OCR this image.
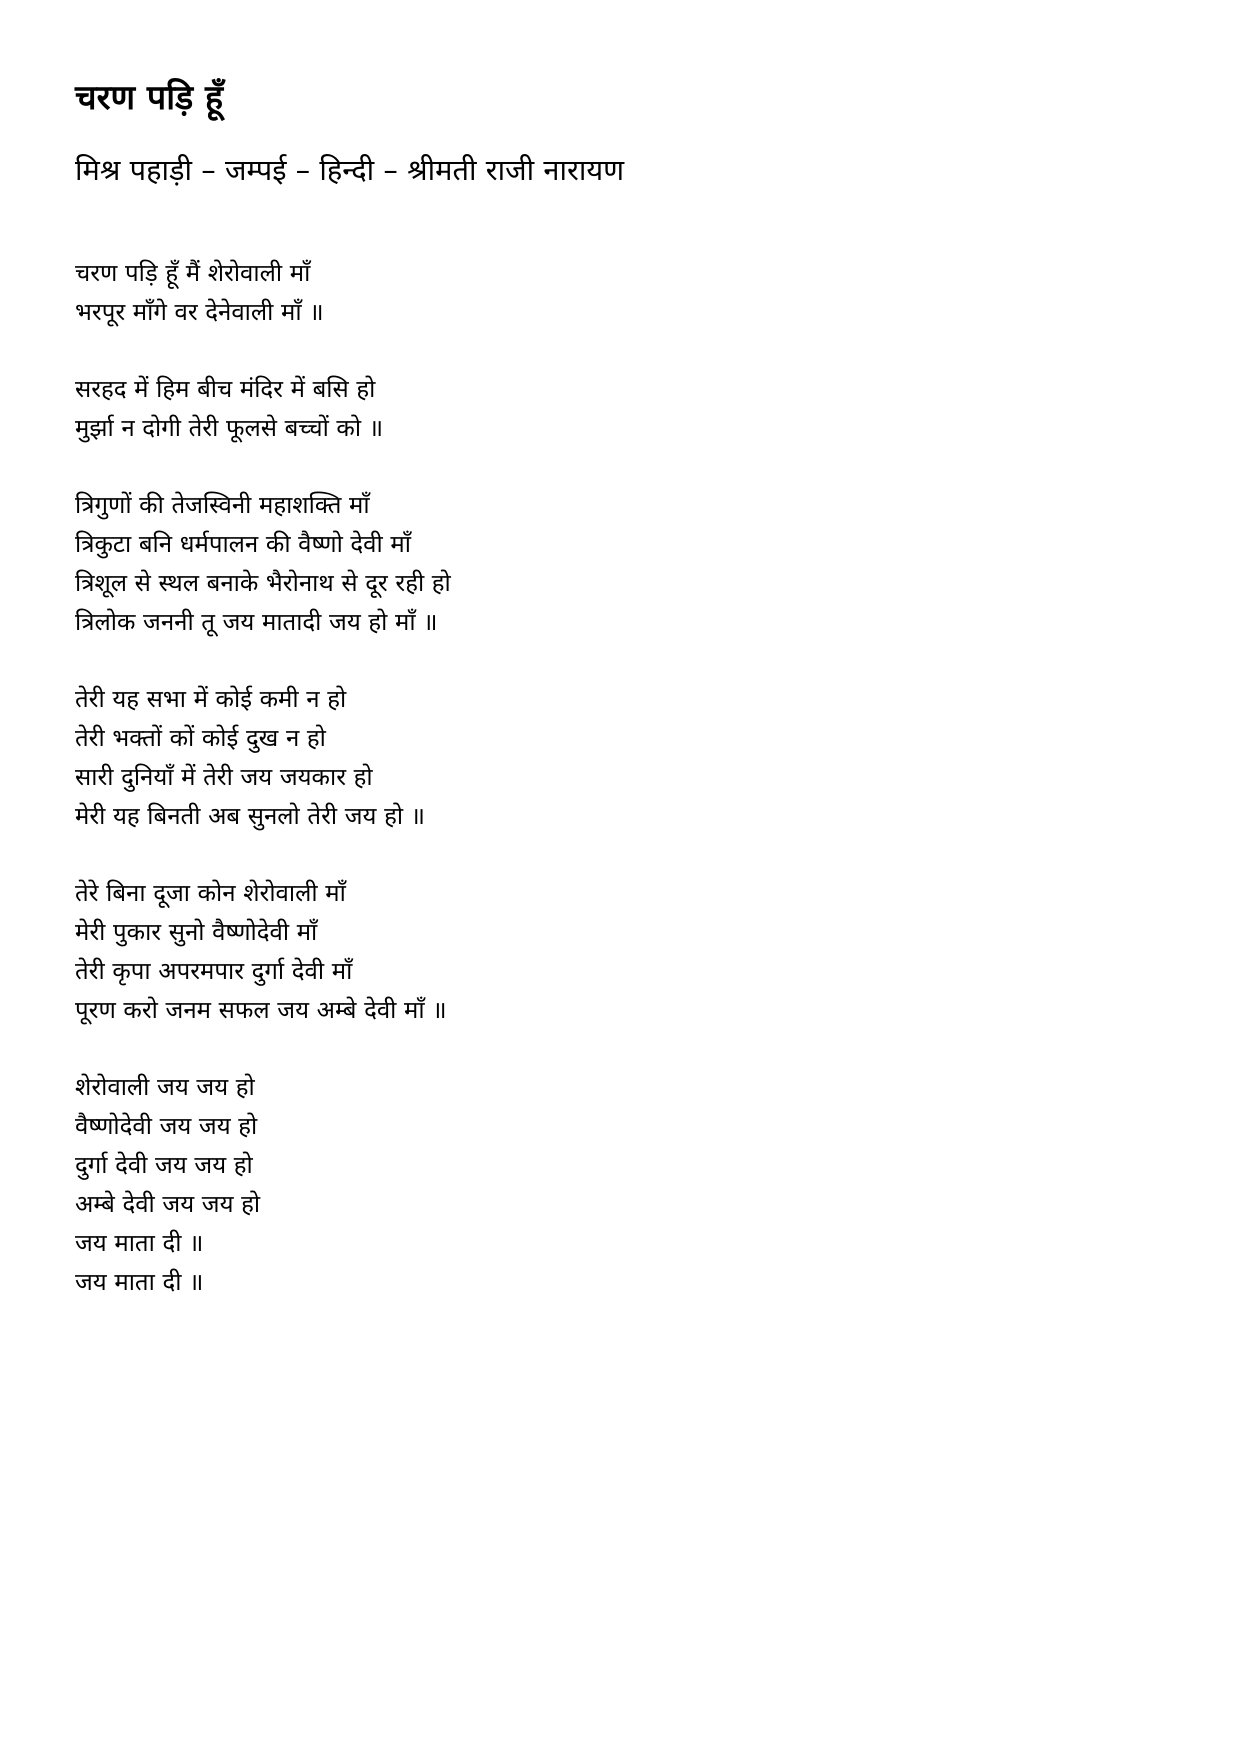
चरण पड़ि हूँ
मिश्र पहाड़ी – जम्पई – हिन्दी – श्रीमती राजी नारायण
चरण पड़ि हूँ मैं शेरोवाली माँ
भरपूर माँगे वर देनेवाली माँ ॥
सरहद में हिम बीच मंदिर में बसि हो
मुर्झा न दोगी तेरी फूलसे बच्चों को ॥
त्रिगुणों की तेजस्विनी महाशक्ति माँ
त्रिकुटा बनि धर्मपालन की वैष्णो देवी माँ
त्रिशूल से स्थल बनाके भैरोनाथ से दूर रही हो
त्रिलोक जननी तू जय मातादी जय हो माँ ॥
तेरी यह सभा में कोई कमी न हो
तेरी भक्तों कों कोई दुख न हो
सारी दुनियाँ में तेरी जय जयकार हो
मेरी यह बिनती अब सुनलो तेरी जय हो ॥
तेरे बिना दूजा कोन शेरोवाली माँ
मेरी पुकार सुनो वैष्णोदेवी माँ
तेरी कृपा अपरमपार दुर्गा देवी माँ
पूरण करो जनम सफल जय अम्बे देवी माँ ॥
शेरोवाली जय जय हो
वैष्णोदेवी जय जय हो
दुर्गा देवी जय जय हो
अम्बे देवी जय जय हो
जय माता दी ॥
जय माता दी ॥
